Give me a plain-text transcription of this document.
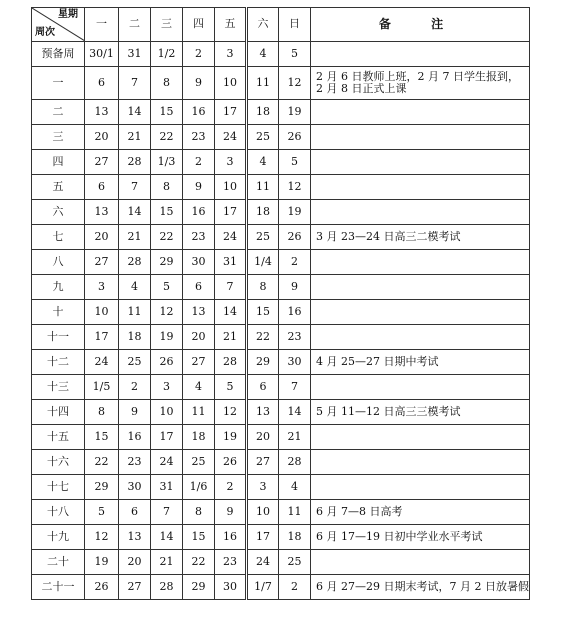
星期
周次	一	二	三	四	五	六	日	备 注
预备周	30/1	31	1/2	2	3	4	5	
一	6	7	8	9	10	11	12	2 月 6 日教师上班，2 月 7 日学生报到，
2 月 8 日正式上课

二	13	14	15	16	17	18	19	
三	20	21	22	23	24	25	26	
四	27	28	1/3	2	3	4	5	
五	6	7	8	9	10	11	12	
六	13	14	15	16	17	18	19	
七	20	21	22	23	24	25	26	3 月 23—24 日高三二模考试

八	27	28	29	30	31	1/4	2	
九	3	4	5	6	7	8	9	
十	10	11	12	13	14	15	16	
十一	17	18	19	20	21	22	23	
十二	24	25	26	27	28	29	30	4 月 25—27 日期中考试

十三	1/5	2	3	4	5	6	7	
十四	8	9	10	11	12	13	14	5 月 11—12 日高三三模考试

十五	15	16	17	18	19	20	21	
十六	22	23	24	25	26	27	28	
十七	29	30	31	1/6	2	3	4	
十八	5	6	7	8	9	10	11	6 月 7—8 日高考

十九	12	13	14	15	16	17	18	6 月 17—19 日初中学业水平考试

二十	19	20	21	22	23	24	25	
二十一	26	27	28	29	30	1/7	2	6 月 27—29 日期末考试，7 月 2 日放暑假
